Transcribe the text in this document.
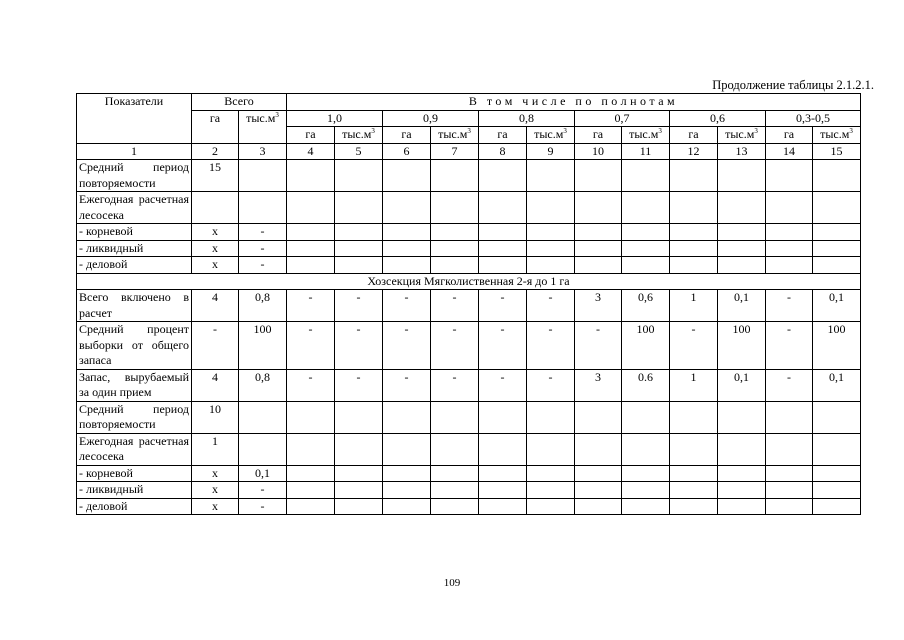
Продолжение таблицы 2.1.2.1.
Показатели	Всего		В том числе по полнотам											
	га	$тыс.м^3$	1,0		0,9		0,8		0,7		0,6		0,3-0,5	
			га	$тыс.м^3$	га	$тыс.м^3$	га	$тыс.м^3$	га	$тыс.м^3$	га	$тыс.м^3$	га	$тыс.м^3$
1	2	3	4	5	6	7	8	9	10	11	12	13	14	15
Средний период повторяемости	15													
Ежегодная расчетная лесосека														
- корневой	х	-												
- ликвидный	х	-												
- деловой	х	-												
Хозсекция Мягколиственная 2-я до 1 га														
Всего включено в расчет	4	0,8	-	-	-	-	-	-	3	0,6	1	0,1	-	0,1
Средний процент выборки от общего запаса	-	100	-	-	-	-	-	-	-	100	-	100	-	100
Запас, вырубаемый за один прием	4	0,8	-	-	-	-	-	-	3	0.6	1	0,1	-	0,1
Средний период повторяемости	10													
Ежегодная расчетная лесосека	1													
- корневой	х	0,1												
- ликвидный	х	-												
- деловой	х	-												
109
